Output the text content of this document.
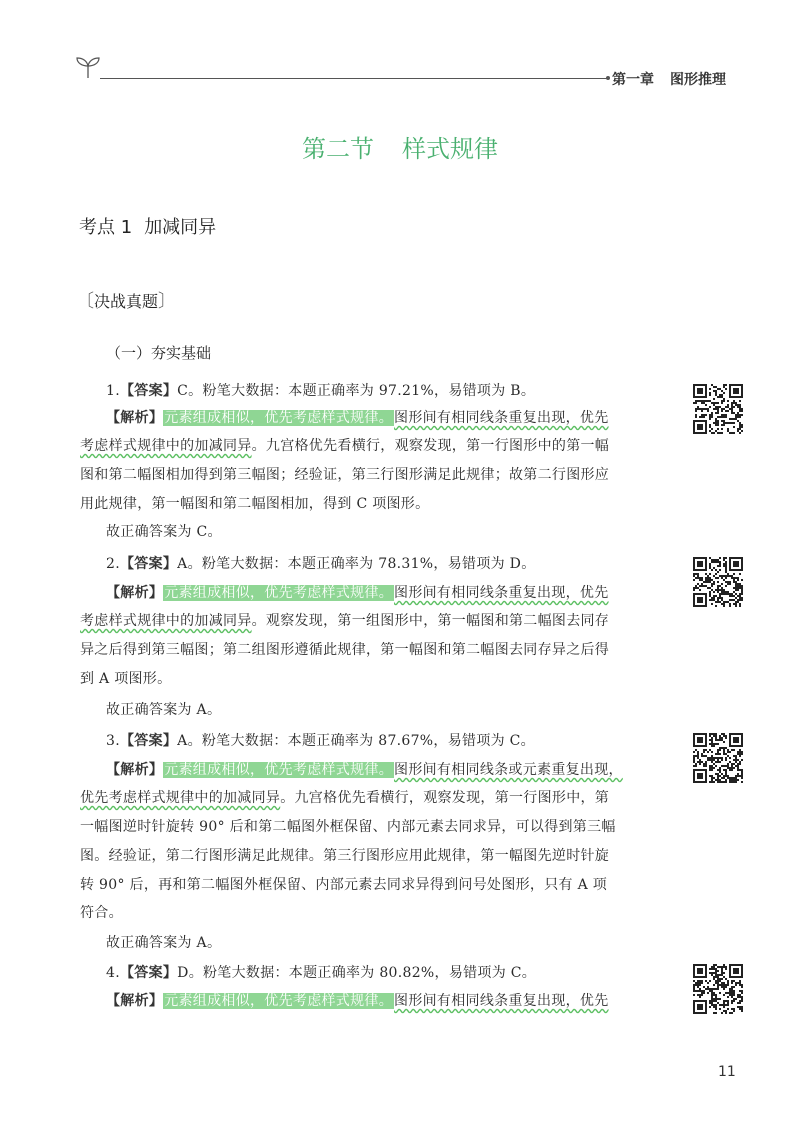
第一章 图形推理
第二节 样式规律
考点 1 加减同异
〔决战真题〕
（一）夯实基础
1.【答案】C。粉笔大数据：本题正确率为 97.21%，易错项为 B。
【解析】元素组成相似，优先考虑样式规律。图形间有相同线条重复出现，优先
考虑样式规律中的加减同异。九宫格优先看横行，观察发现，第一行图形中的第一幅
图和第二幅图相加得到第三幅图；经验证，第三行图形满足此规律；故第二行图形应
用此规律，第一幅图和第二幅图相加，得到 C 项图形。
故正确答案为 C。
2.【答案】A。粉笔大数据：本题正确率为 78.31%，易错项为 D。
【解析】元素组成相似，优先考虑样式规律。图形间有相同线条重复出现，优先
考虑样式规律中的加减同异。观察发现，第一组图形中，第一幅图和第二幅图去同存
异之后得到第三幅图；第二组图形遵循此规律，第一幅图和第二幅图去同存异之后得
到 A 项图形。
故正确答案为 A。
3.【答案】A。粉笔大数据：本题正确率为 87.67%，易错项为 C。
【解析】元素组成相似，优先考虑样式规律。图形间有相同线条或元素重复出现，
优先考虑样式规律中的加减同异。九宫格优先看横行，观察发现，第一行图形中，第
一幅图逆时针旋转 90° 后和第二幅图外框保留、内部元素去同求异，可以得到第三幅
图。经验证，第二行图形满足此规律。第三行图形应用此规律，第一幅图先逆时针旋
转 90° 后，再和第二幅图外框保留、内部元素去同求异得到问号处图形，只有 A 项
符合。
故正确答案为 A。
4.【答案】D。粉笔大数据：本题正确率为 80.82%，易错项为 C。
【解析】元素组成相似，优先考虑样式规律。图形间有相同线条重复出现，优先
11
